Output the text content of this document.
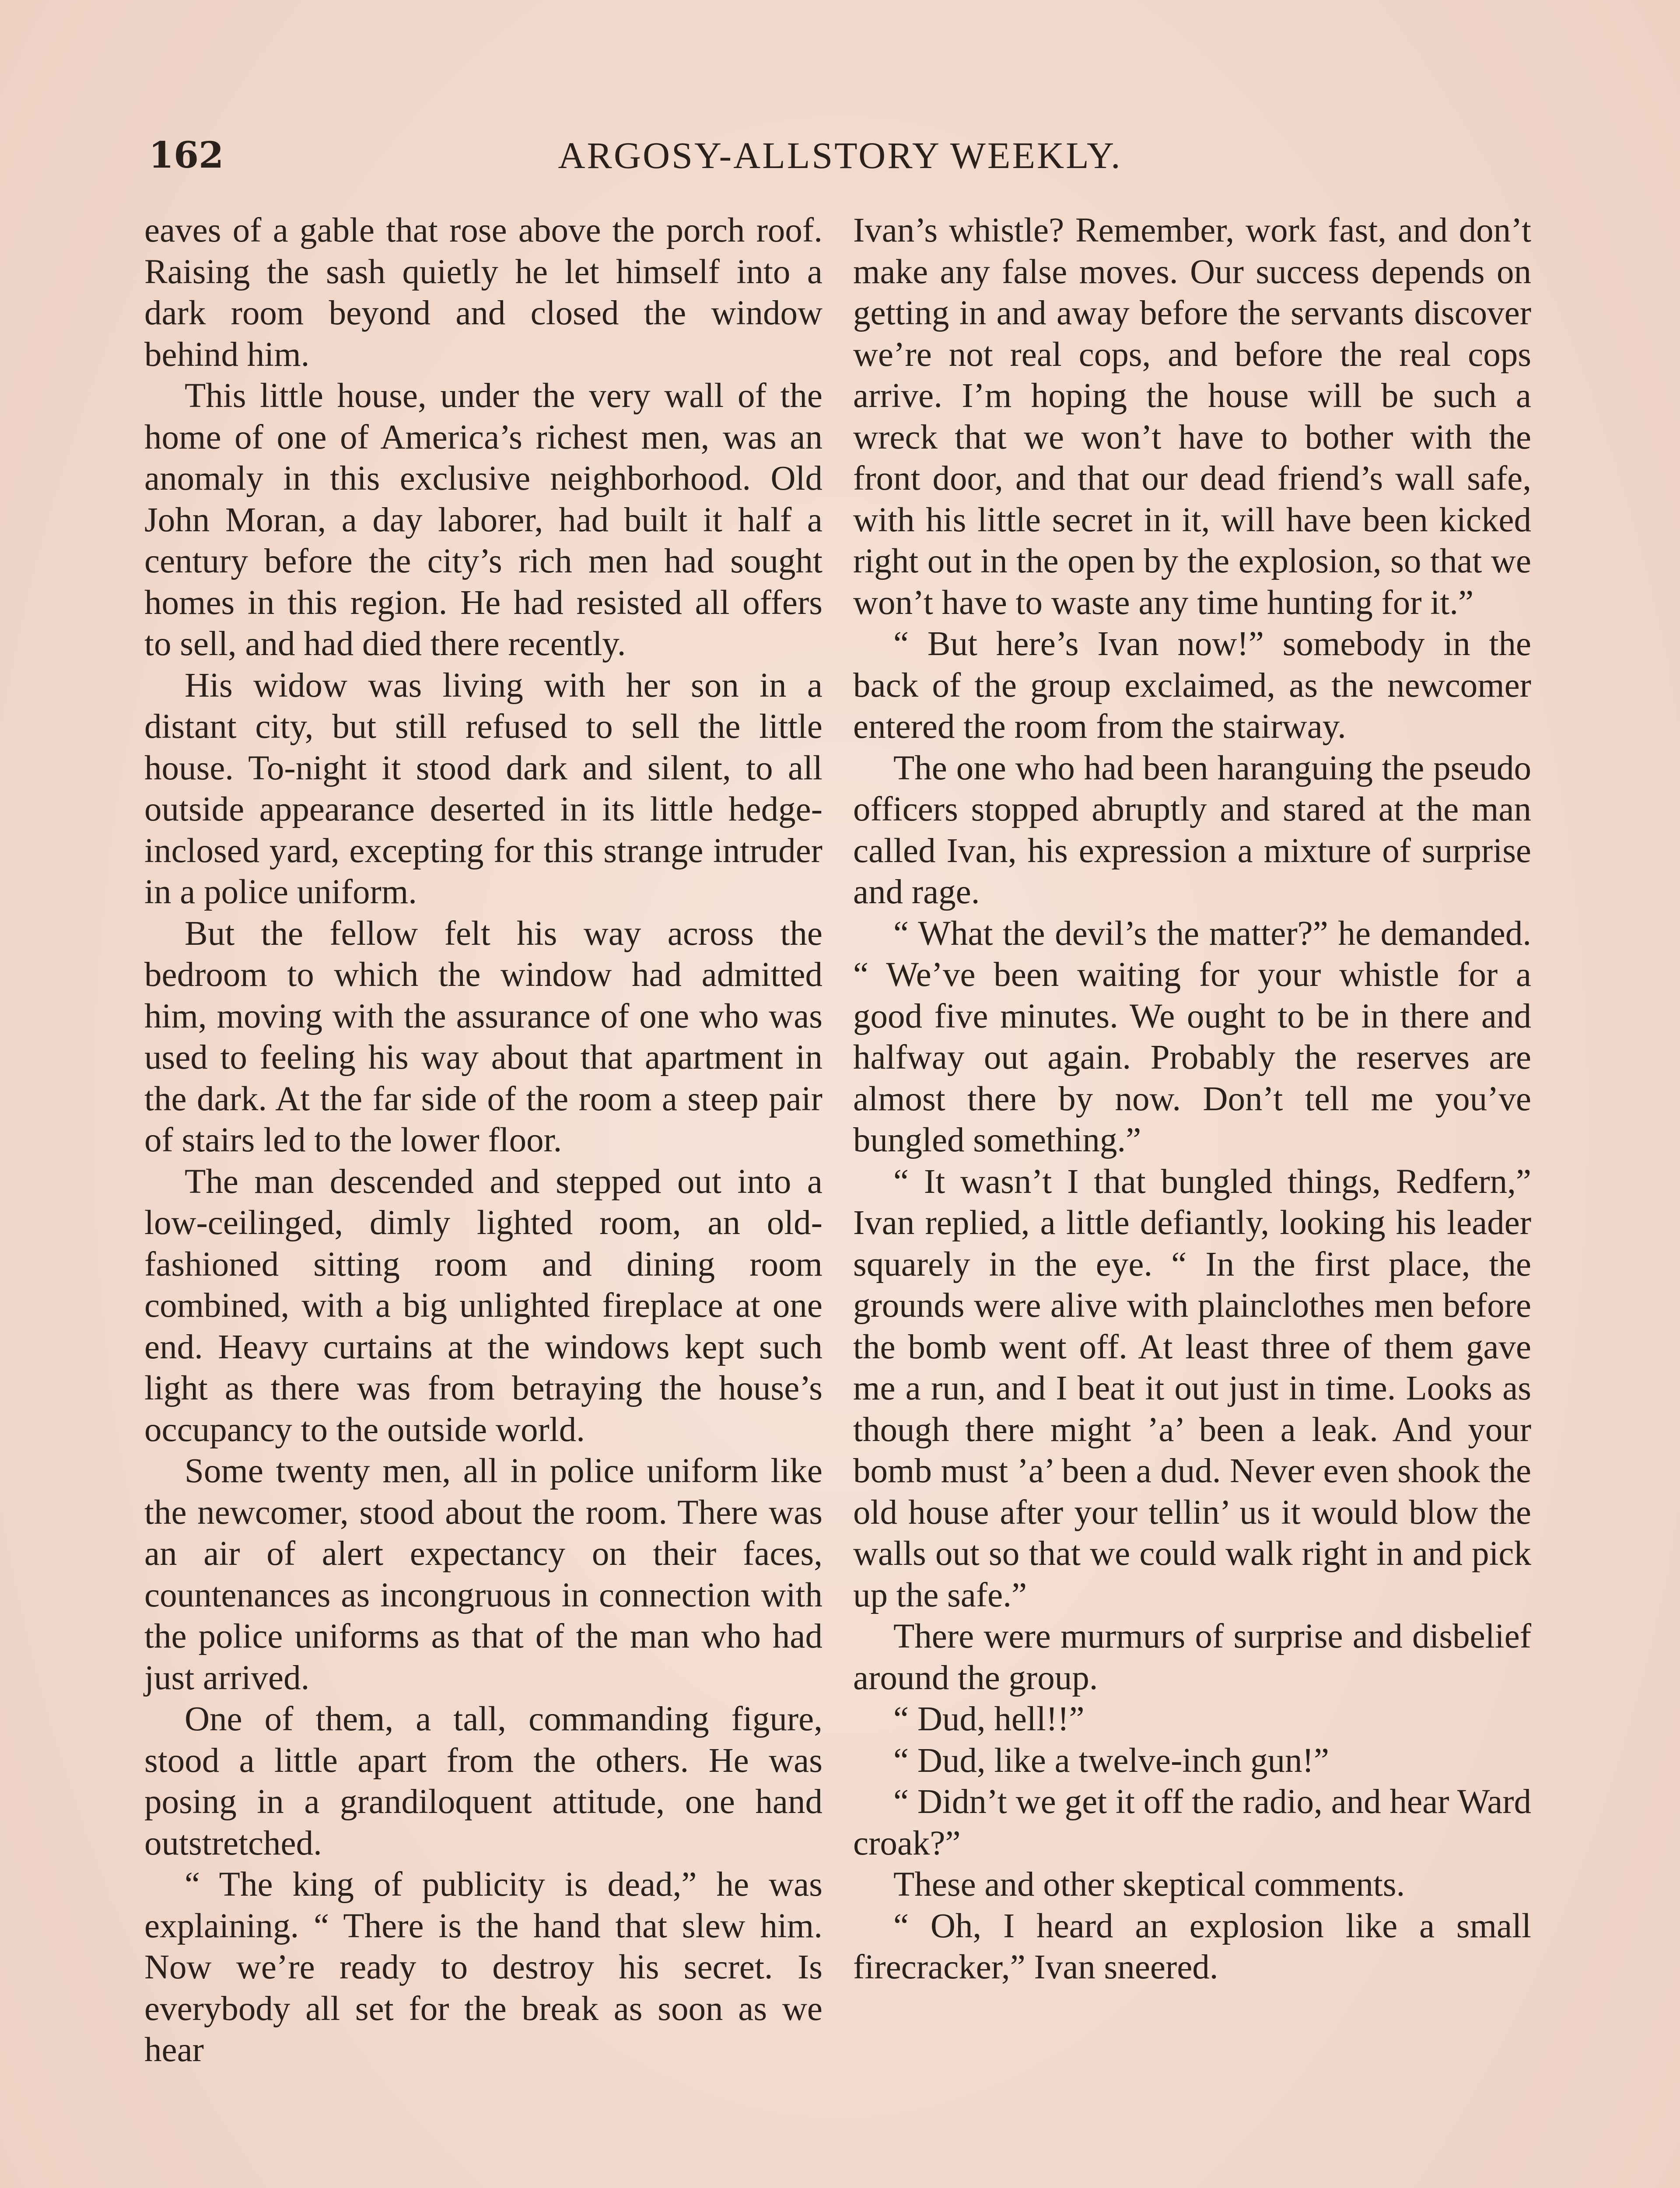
162	ARGOSY-ALLSTORY WEEKLY.

eaves of a gable that rose above the porch roof. Raising the sash quietly he let himself into a dark room beyond and closed the window behind him.

This little house, under the very wall of the home of one of America’s richest men, was an anomaly in this exclusive neighborhood. Old John Moran, a day laborer, had built it half a century before the city’s rich men had sought homes in this region. He had resisted all offers to sell, and had died there recently.

His widow was living with her son in a distant city, but still refused to sell the little house. To-night it stood dark and silent, to all outside appearance deserted in its little hedge-inclosed yard, excepting for this strange intruder in a police uniform.

But the fellow felt his way across the bedroom to which the window had admitted him, moving with the assurance of one who was used to feeling his way about that apartment in the dark. At the far side of the room a steep pair of stairs led to the lower floor.

The man descended and stepped out into a low-ceilinged, dimly lighted room, an old-fashioned sitting room and dining room combined, with a big unlighted fireplace at one end. Heavy curtains at the windows kept such light as there was from betraying the house’s occupancy to the outside world.

Some twenty men, all in police uniform like the newcomer, stood about the room. There was an air of alert expectancy on their faces, countenances as incongruous in connection with the police uniforms as that of the man who had just arrived.

One of them, a tall, commanding figure, stood a little apart from the others. He was posing in a grandiloquent attitude, one hand outstretched.

“ The king of publicity is dead,” he was explaining. “ There is the hand that slew him. Now we’re ready to destroy his secret. Is everybody all set for the break as soon as we hear

Ivan’s whistle? Remember, work fast, and don’t make any false moves. Our success depends on getting in and away before the servants discover we’re not real cops, and before the real cops arrive. I’m hoping the house will be such a wreck that we won’t have to bother with the front door, and that our dead friend’s wall safe, with his little secret in it, will have been kicked right out in the open by the explosion, so that we won’t have to waste any time hunting for it.”

“ But here’s Ivan now!” somebody in the back of the group exclaimed, as the newcomer entered the room from the stairway.

The one who had been haranguing the pseudo officers stopped abruptly and stared at the man called Ivan, his expression a mixture of surprise and rage.

“ What the devil’s the matter?” he demanded. “ We’ve been waiting for your whistle for a good five minutes. We ought to be in there and halfway out again. Probably the reserves are almost there by now. Don’t tell me you’ve bungled something.”

“ It wasn’t I that bungled things, Redfern,” Ivan replied, a little defiantly, looking his leader squarely in the eye. “ In the first place, the grounds were alive with plainclothes men before the bomb went off. At least three of them gave me a run, and I beat it out just in time. Looks as though there might ’a’ been a leak. And your bomb must ’a’ been a dud. Never even shook the old house after your tellin’ us it would blow the walls out so that we could walk right in and pick up the safe.”

There were murmurs of surprise and disbelief around the group.

“ Dud, hell!!”

“ Dud, like a twelve-inch gun!”

“ Didn’t we get it off the radio, and hear Ward croak?”

These and other skeptical comments.

“ Oh, I heard an explosion like a small firecracker,” Ivan sneered.
